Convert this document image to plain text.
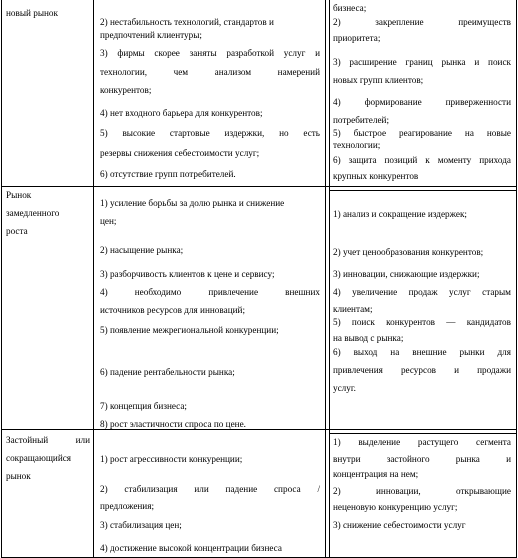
новый рынок
2) нестабильность технологий, стандартов и
предпочтений клиентуры;
3) фирмы скорее заняты разработкой услуг и
технологии, чем анализом намерений
конкурентов;
4) нет входного барьера для конкурентов;
5) высокие стартовые издержки, но есть
резервы снижения себестоимости услуг;
6) отсутствие групп потребителей.
бизнеса;
2) закрепление преимуществ
приоритета;
3) расширение границ рынка и поиск
новых групп клиентов;
4) формирование приверженности
потребителей;
5) быстрое реагирование на новые
технологии;
6) защита позиций к моменту прихода
крупных конкурентов
Рынок
замедленного
роста
1) усиление борьбы за долю рынка и снижение
цен;
2) насыщение рынка;
3) разборчивость клиентов к цене и сервису;
4) необходимо привлечение внешних
источников ресурсов для инноваций;
5) появление межрегиональной конкуренции;
6) падение рентабельности рынка;
7) концепция бизнеса;
8) рост эластичности спроса по цене.
1) анализ и сокращение издержек;
2) учет ценообразования конкурентов;
3) инновации, снижающие издержки;
4) увеличение продаж услуг старым
клиентам;
5) поиск конкурентов — кандидатов
на вывод с рынка;
6) выход на внешние рынки для
привлечения ресурсов и продажи
услуг.
Застойный или
сокращающийся
рынок
1) рост агрессивности конкуренции;
2) стабилизация или падение спроса /
предложения;
3) стабилизация цен;
4) достижение высокой концентрации бизнеса
1) выделение растущего сегмента
внутри застойного рынка и
концентрация на нем;
2) инновации, открывающие
неценовую конкуренцию услуг;
3) снижение себестоимости услуг
